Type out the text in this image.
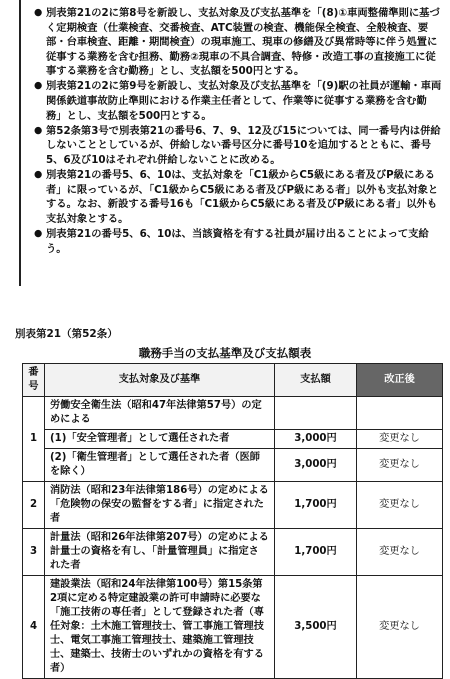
● 別表第21の2に第8号を新設し、支払対象及び支払基準を「(8)①車両整備準則に基づく定期検査（仕業検査、交番検査、ATC装置の検査、機能保全検査、全般検査、要部・台車検査、距離・期間検査）の現車施工、現車の修繕及び異常時等に伴う処置に従事する業務を含む担務、勤務②現車の不具合調査、特修・改造工事の直接施工に従事する業務を含む勤務」とし、支払額を500円とする。
● 別表第21の2に第9号を新設し、支払対象及び支払基準を「(9)駅の社員が運輸・車両関係鉄道事故防止準則における作業主任者として、作業等に従事する業務を含む勤務」とし、支払額を500円とする。
● 第52条第3号で別表第21の番号6、7、9、12及び15については、同一番号内は併給しないこととしているが、併給しない番号区分に番号10を追加するとともに、番号5、6及び10はそれぞれ併給しないことに改める。
● 別表第21の番号5、6、10は、支払対象を「C1級からC5級にある者及びP級にある者」に限っているが、「C1級からC5級にある者及びP級にある者」以外も支払対象とする。なお、新設する番号16も「C1級からC5級にある者及びP級にある者」以外も支払対象とする。
● 別表第21の番号5、6、10は、当該資格を有する社員が届け出ることによって支給う。
別表第21（第52条）
職務手当の支払基準及び支払額表
番号	支払対象及び基準	支払額	改正後
1	労働安全衛生法（昭和47年法律第57号）の定めによる		
	(1)「安全管理者」として選任された者	3,000円	変更なし
	(2)「衛生管理者」として選任された者（医師を除く）	3,000円	変更なし
2	消防法（昭和23年法律第186号）の定めによる「危険物の保安の監督をする者」に指定された者	1,700円	変更なし
3	計量法（昭和26年法律第207号）の定めによる計量士の資格を有し、「計量管理員」に指定された者	1,700円	変更なし
4	建設業法（昭和24年法律第100号）第15条第2項に定める特定建設業の許可申請時に必要な「施工技術の専任者」として登録された者（専任対象：土木施工管理技士、管工事施工管理技士、電気工事施工管理技士、建築施工管理技士、建築士、技術士のいずれかの資格を有する者）	3,500円	変更なし
